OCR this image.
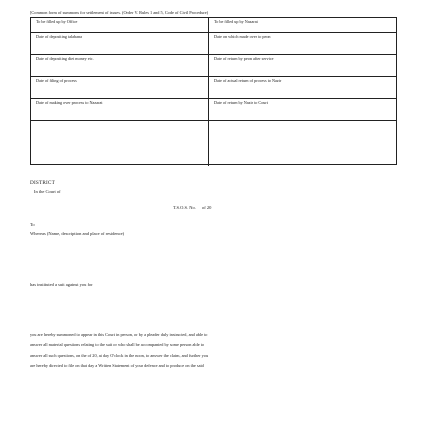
[Common form of summons for settlement of issues. (Order V. Rules 1 and 5, Code of Civil Procedure)
To be filled up by Office	To be filled up by Nazarat
Date of depositing talabana	Date on which made over to peon
Date of depositing diet money etc.	Date of return by peon after service
Date of filing of process	Date of actual return of process to Nazir
Date of making over process to Nazarat	Date of return by Nazir to Court
DISTRICT
In the Court of
T.S.O.S. No. of 20
To
Whereas (Name, description and place of residence)
has instituted a suit against you for
you are hereby summoned to appear in this Court in person, or by a pleader duly instructed, and able to
answer all material questions relating to the suit or who shall be accompanied by some person able to
answer all such questions, on the of 20, at day O'clock in the noon, to answer the claim, and further you
are hereby directed to file on that day a Written Statement of your defence and to produce on the said
